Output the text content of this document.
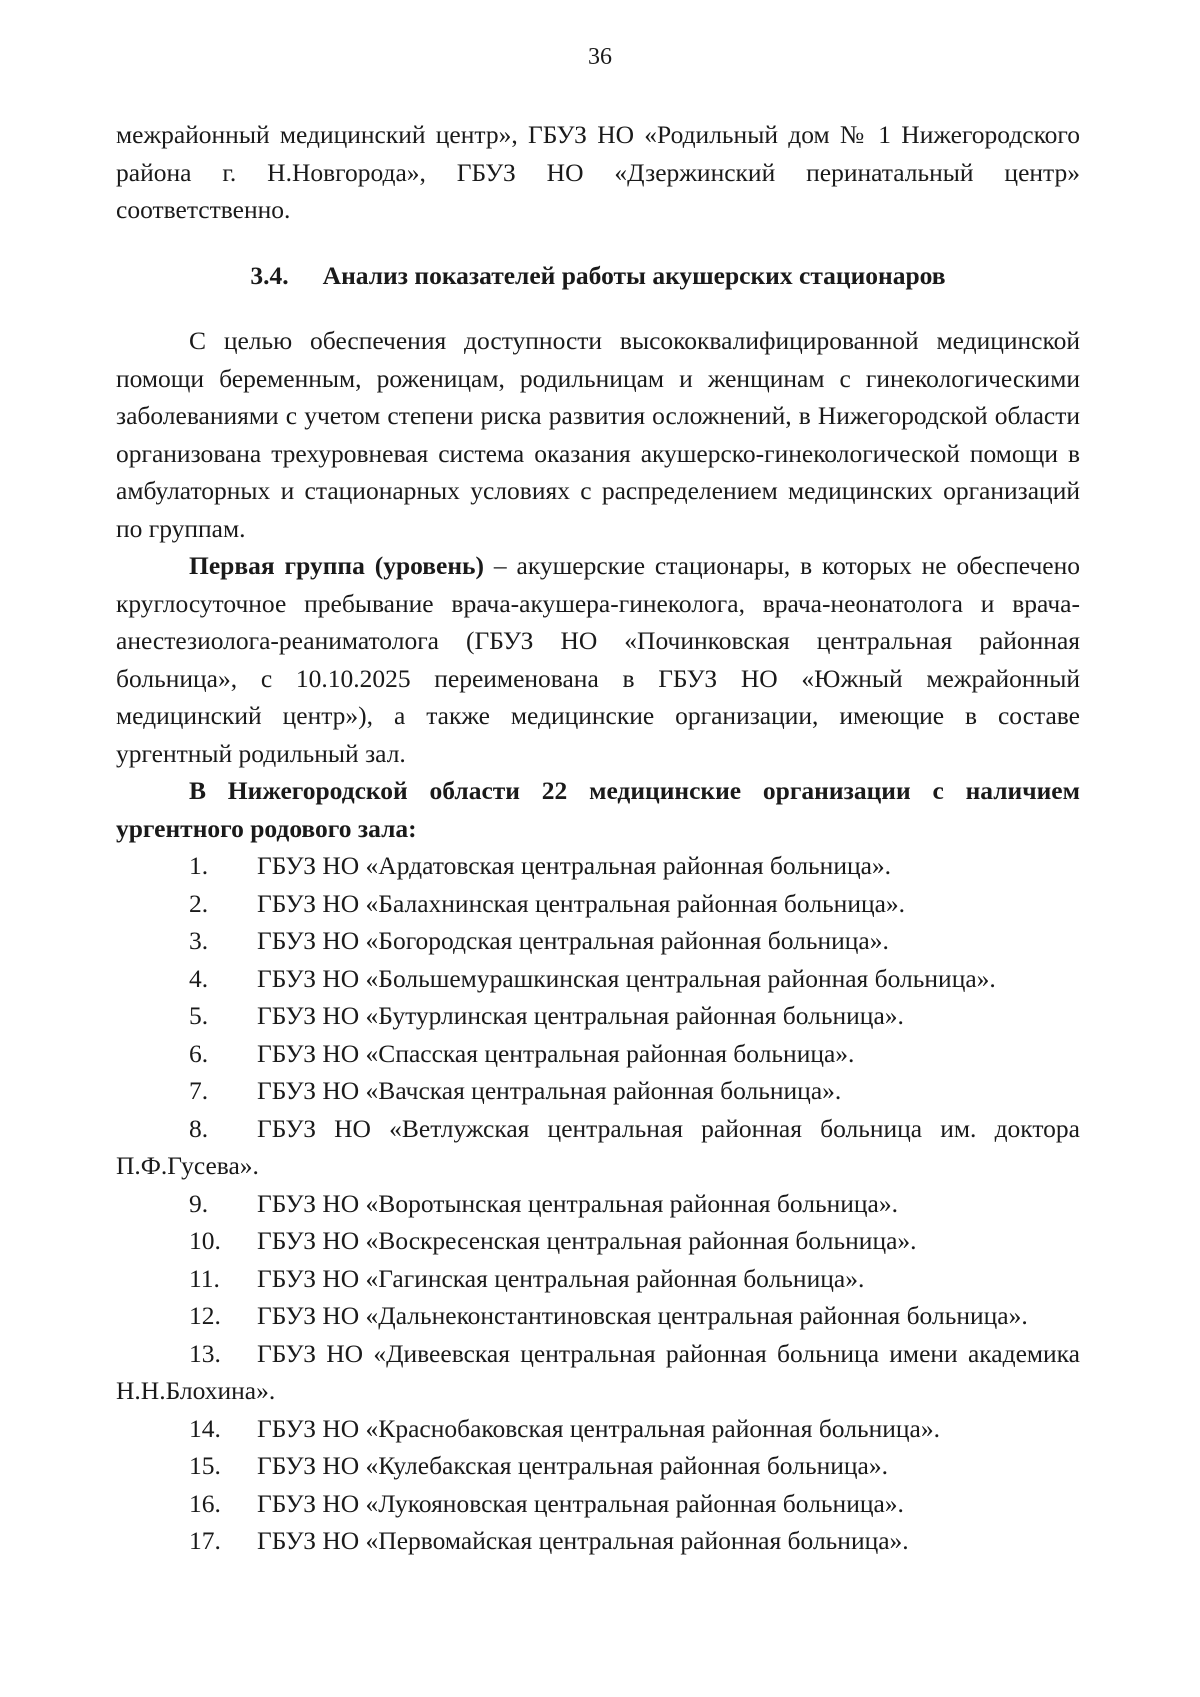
36

межрайонный медицинский центр», ГБУЗ НО «Родильный дом № 1 Нижегородского района г. Н.Новгорода», ГБУЗ НО «Дзержинский перинатальный центр» соответственно.

3.4. Анализ показателей работы акушерских стационаров

С целью обеспечения доступности высококвалифицированной медицинской помощи беременным, роженицам, родильницам и женщинам с гинекологическими заболеваниями с учетом степени риска развития осложнений, в Нижегородской области организована трехуровневая система оказания акушерско-гинекологической помощи в амбулаторных и стационарных условиях с распределением медицинских организаций по группам.

Первая группа (уровень) – акушерские стационары, в которых не обеспечено круглосуточное пребывание врача-акушера-гинеколога, врача-неонатолога и врача-анестезиолога-реаниматолога (ГБУЗ НО «Починковская центральная районная больница», с 10.10.2025 переименована в ГБУЗ НО «Южный межрайонный медицинский центр»), а также медицинские организации, имеющие в составе ургентный родильный зал.

В Нижегородской области 22 медицинские организации с наличием ургентного родового зала:

1.	ГБУЗ НО «Ардатовская центральная районная больница».
2.	ГБУЗ НО «Балахнинская центральная районная больница».
3.	ГБУЗ НО «Богородская центральная районная больница».
4.	ГБУЗ НО «Большемурашкинская центральная районная больница».
5.	ГБУЗ НО «Бутурлинская центральная районная больница».
6.	ГБУЗ НО «Спасская центральная районная больница».
7.	ГБУЗ НО «Вачская центральная районная больница».
8.	ГБУЗ НО «Ветлужская центральная районная больница им. доктора
П.Ф.Гусева».
9.	ГБУЗ НО «Воротынская центральная районная больница».
10.	ГБУЗ НО «Воскресенская центральная районная больница».
11.	ГБУЗ НО «Гагинская центральная районная больница».
12.	ГБУЗ НО «Дальнеконстантиновская центральная районная больница».
13.	ГБУЗ НО «Дивеевская центральная районная больница имени академика
Н.Н.Блохина».
14.	ГБУЗ НО «Краснобаковская центральная районная больница».
15.	ГБУЗ НО «Кулебакская центральная районная больница».
16.	ГБУЗ НО «Лукояновская центральная районная больница».
17.	ГБУЗ НО «Первомайская центральная районная больница».
